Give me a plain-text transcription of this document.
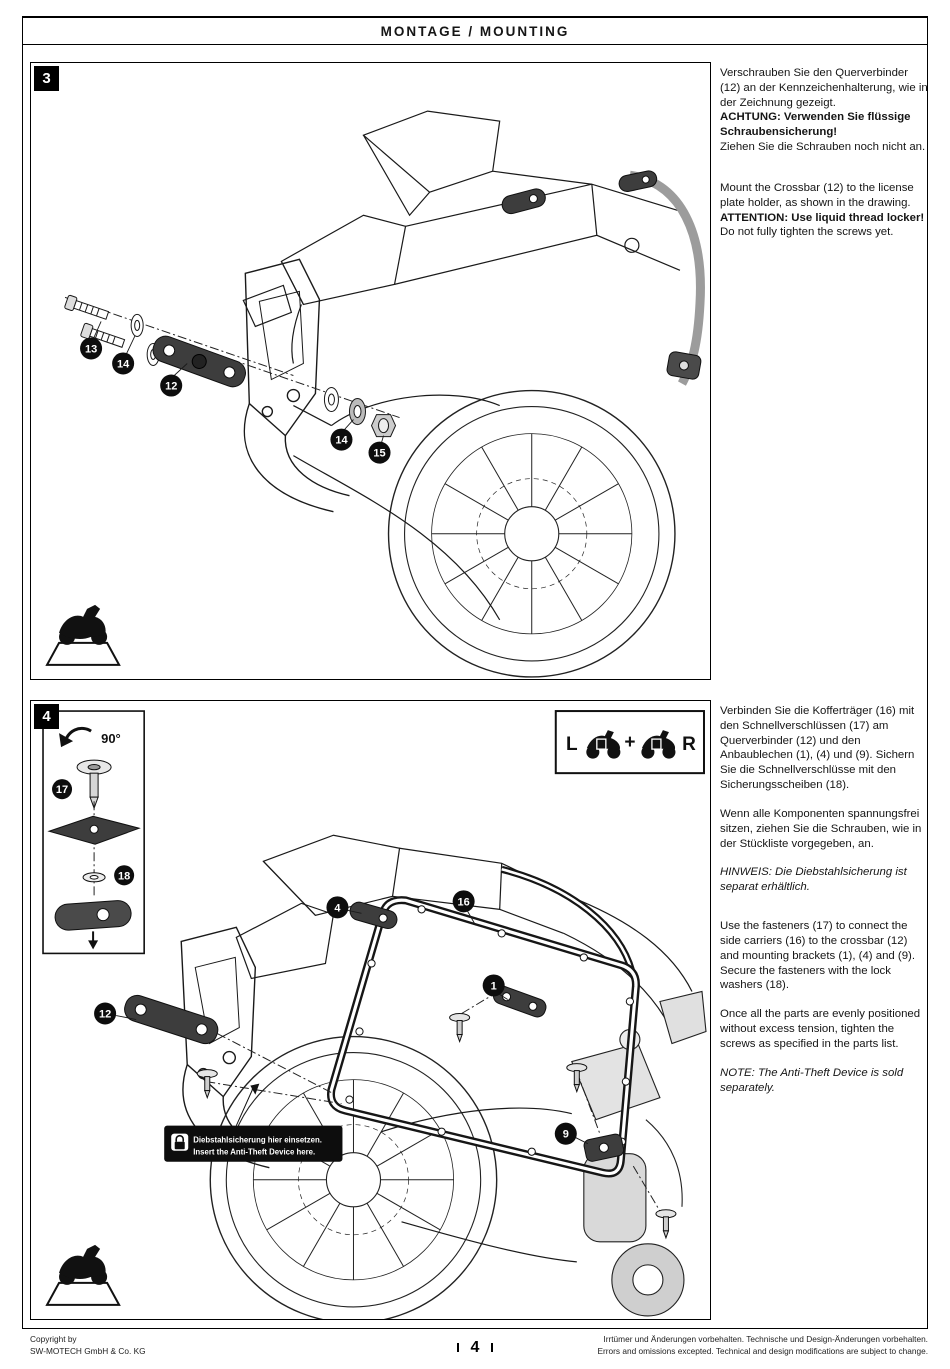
MONTAGE / MOUNTING
3
13
14
12
14
15

Verschrauben Sie den Querverbinder (12) an der Kennzeichenhalterung, wie in der Zeichnung gezeigt.

ACHTUNG: Verwenden Sie flüssige Schraubensicherung!

Ziehen Sie die Schrauben noch nicht an.

Mount the Crossbar (12) to the license plate holder, as shown in the drawing.

ATTENTION: Use liquid thread locker!

Do not fully tighten the screws yet.

4
12
4
16
1
9
Diebstahlsicherung hier einsetzen.
Insert the Anti-Theft Device here.
90°
17
18
L + R

Verbinden Sie die Kofferträger (16) mit den Schnellverschlüssen (17) am Querverbinder (12) und den Anbaublechen (1), (4) und (9). Sichern Sie die Schnellverschlüsse mit den Sicherungsscheiben (18).

Wenn alle Komponenten spannungsfrei sitzen, ziehen Sie die Schrauben, wie in der Stückliste vorgegeben, an.

HINWEIS: Die Diebstahlsicherung ist separat erhältlich.

Use the fasteners (17) to connect the side carriers (16) to the crossbar (12) and mounting brackets (1), (4) and (9). Secure the fasteners with the lock washers (18).

Once all the parts are evenly positioned without excess tension, tighten the screws as specified in the parts list.

NOTE: The Anti-Theft Device is sold separately.

Copyright by
SW-MOTECH GmbH & Co. KG	4	Irrtümer und Änderungen vorbehalten. Technische und Design-Änderungen vorbehalten.
Errors and omissions excepted. Technical and design modifications are subject to change.
